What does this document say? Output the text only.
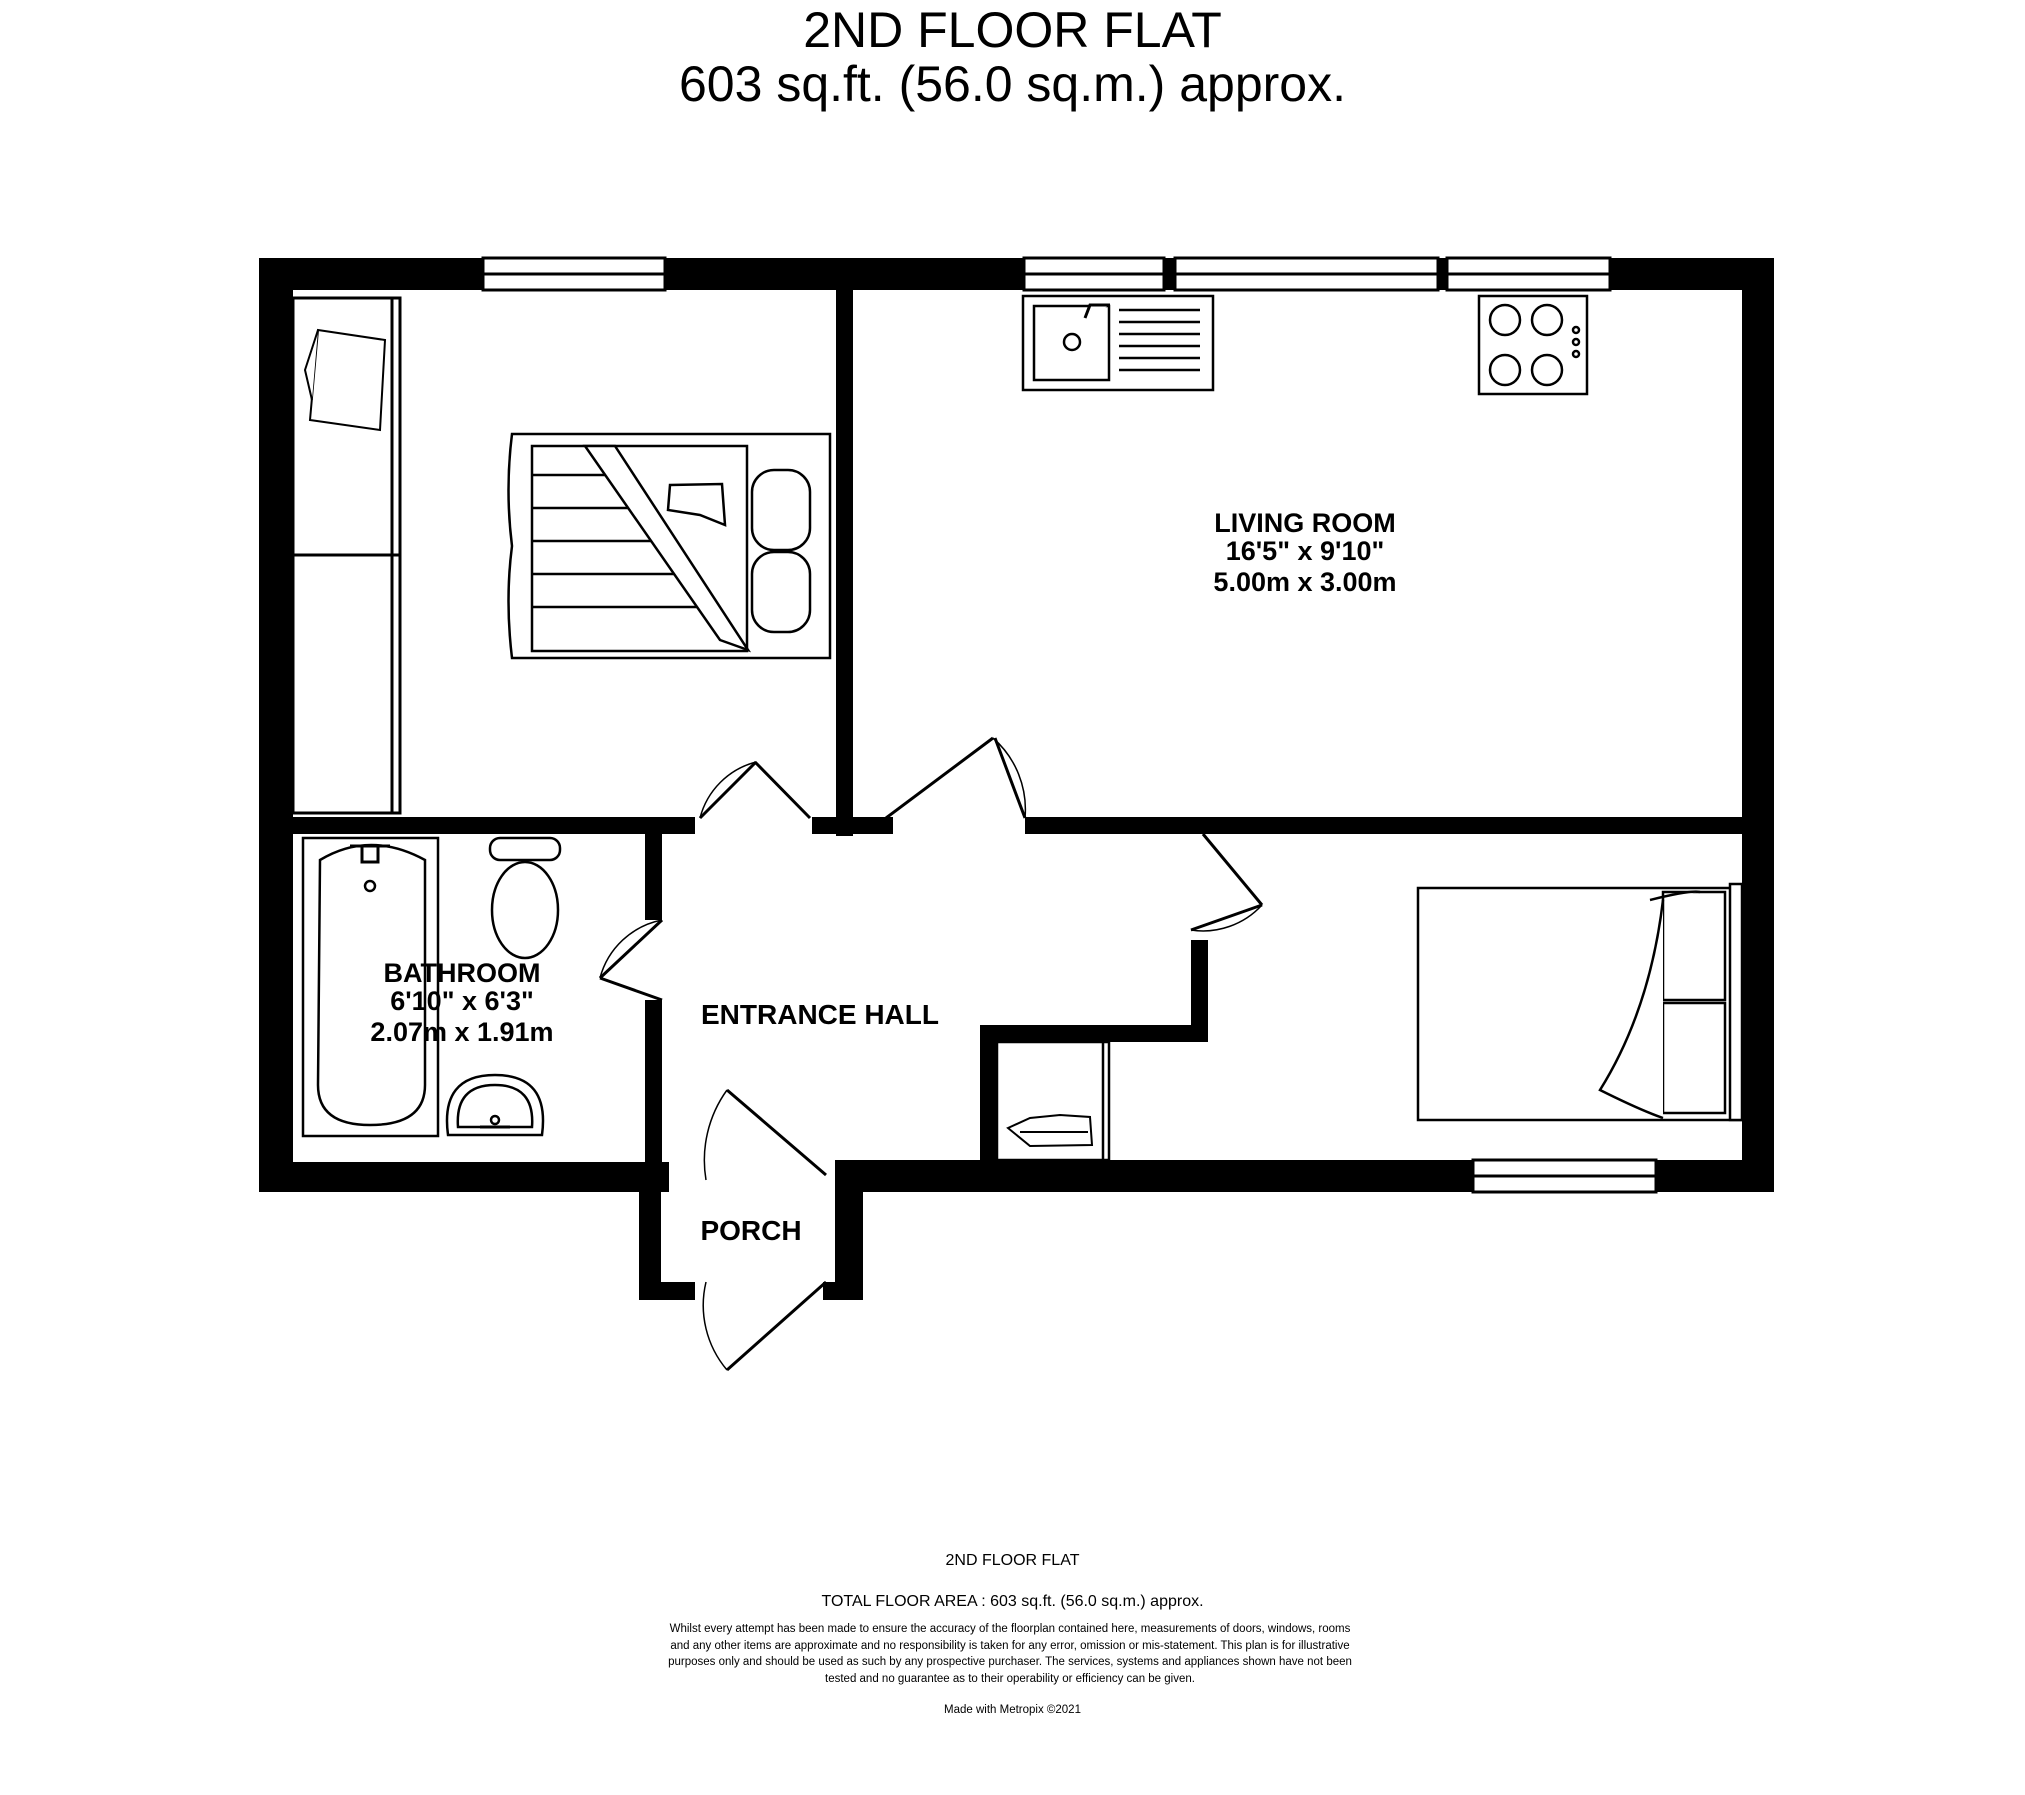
2ND FLOOR FLAT
603 sq.ft. (56.0 sq.m.) approx.
LIVING ROOM
16'5" x 9'10"
5.00m x 3.00m
BATHROOM
6'10" x 6'3"
2.07m x 1.91m
ENTRANCE HALL
PORCH
2ND FLOOR FLAT
TOTAL FLOOR AREA : 603 sq.ft. (56.0 sq.m.) approx.
Whilst every attempt has been made to ensure the accuracy of the floorplan contained here, measurements of doors, windows, rooms and any other items are approximate and no responsibility is taken for any error, omission or mis-statement. This plan is for illustrative purposes only and should be used as such by any prospective purchaser. The services, systems and appliances shown have not been tested and no guarantee as to their operability or efficiency can be given.
Made with Metropix ©2021
